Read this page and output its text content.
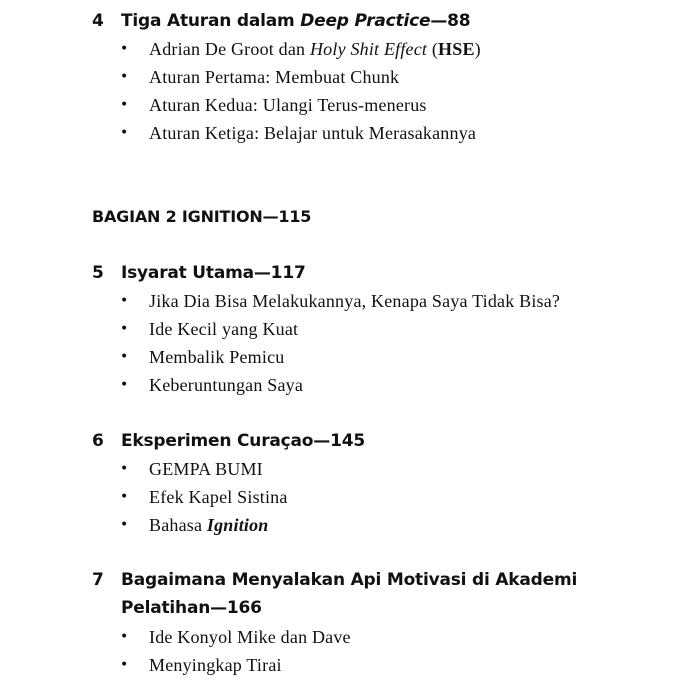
4 Tiga Aturan dalam Deep Practice—88
• Adrian De Groot dan Holy Shit Effect (HSE)
• Aturan Pertama: Membuat Chunk
• Aturan Kedua: Ulangi Terus-menerus
• Aturan Ketiga: Belajar untuk Merasakannya
BAGIAN 2 IGNITION—115
5 Isyarat Utama—117
• Jika Dia Bisa Melakukannya, Kenapa Saya Tidak Bisa?
• Ide Kecil yang Kuat
• Membalik Pemicu
• Keberuntungan Saya
6 Eksperimen Curaçao—145
• GEMPA BUMI
• Efek Kapel Sistina
• Bahasa Ignition
7 Bagaimana Menyalakan Api Motivasi di Akademi
Pelatihan—166
• Ide Konyol Mike dan Dave
• Menyingkap Tirai
